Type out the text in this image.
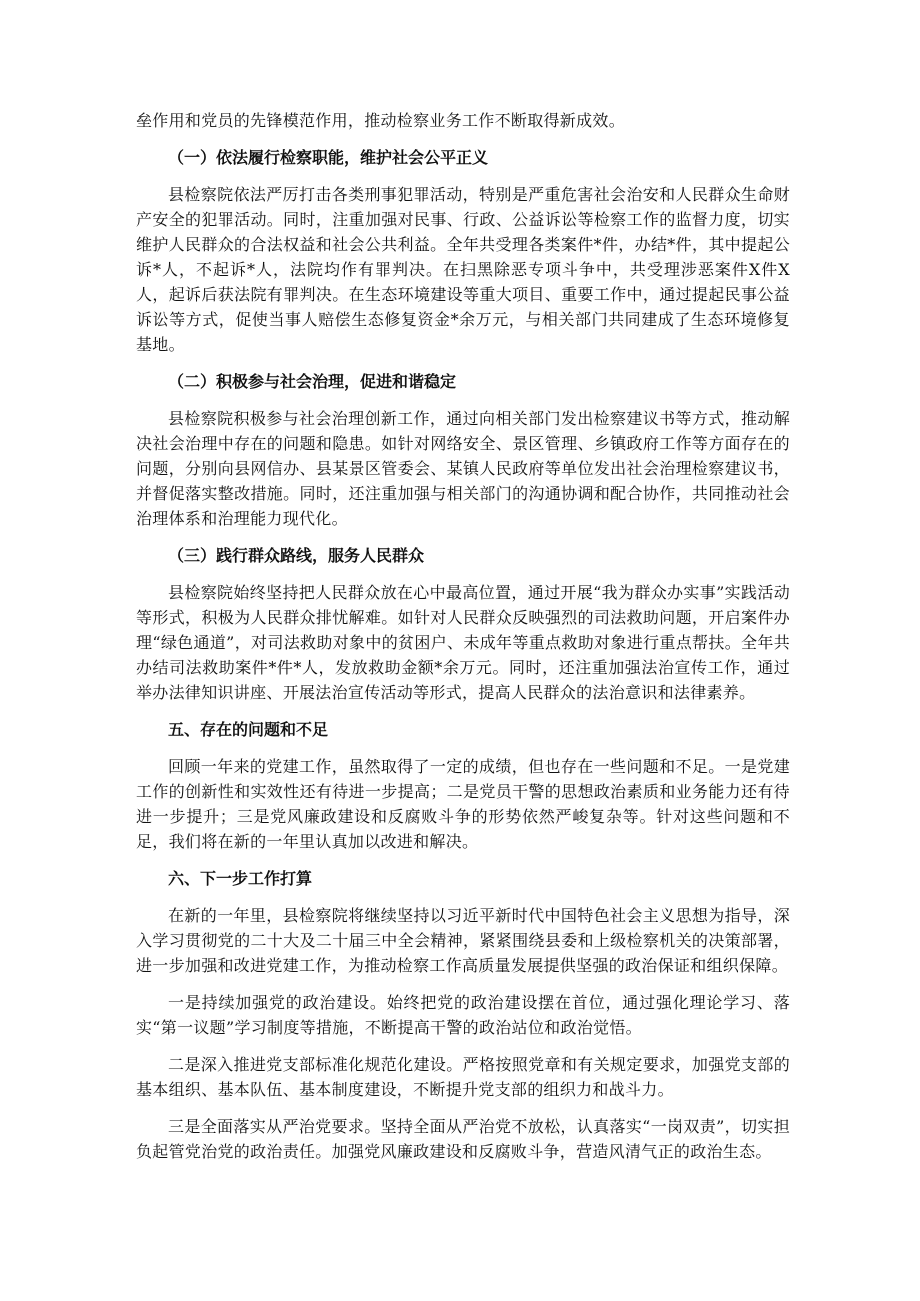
垒作用和党员的先锋模范作用，推动检察业务工作不断取得新成效。

（一）依法履行检察职能，维护社会公平正义

县检察院依法严厉打击各类刑事犯罪活动，特别是严重危害社会治安和人民群众生命财产安全的犯罪活动。同时，注重加强对民事、行政、公益诉讼等检察工作的监督力度，切实维护人民群众的合法权益和社会公共利益。全年共受理各类案件*件，办结*件，其中提起公诉*人，不起诉*人，法院均作有罪判决。在扫黑除恶专项斗争中，共受理涉恶案件X件X人，起诉后获法院有罪判决。在生态环境建设等重大项目、重要工作中，通过提起民事公益诉讼等方式，促使当事人赔偿生态修复资金*余万元，与相关部门共同建成了生态环境修复基地。

（二）积极参与社会治理，促进和谐稳定

县检察院积极参与社会治理创新工作，通过向相关部门发出检察建议书等方式，推动解决社会治理中存在的问题和隐患。如针对网络安全、景区管理、乡镇政府工作等方面存在的问题，分别向县网信办、县某景区管委会、某镇人民政府等单位发出社会治理检察建议书，并督促落实整改措施。同时，还注重加强与相关部门的沟通协调和配合协作，共同推动社会治理体系和治理能力现代化。

（三）践行群众路线，服务人民群众

县检察院始终坚持把人民群众放在心中最高位置，通过开展“我为群众办实事”实践活动等形式，积极为人民群众排忧解难。如针对人民群众反映强烈的司法救助问题，开启案件办理“绿色通道”，对司法救助对象中的贫困户、未成年等重点救助对象进行重点帮扶。全年共办结司法救助案件*件*人，发放救助金额*余万元。同时，还注重加强法治宣传工作，通过举办法律知识讲座、开展法治宣传活动等形式，提高人民群众的法治意识和法律素养。

五、存在的问题和不足

回顾一年来的党建工作，虽然取得了一定的成绩，但也存在一些问题和不足。一是党建工作的创新性和实效性还有待进一步提高；二是党员干警的思想政治素质和业务能力还有待进一步提升；三是党风廉政建设和反腐败斗争的形势依然严峻复杂等。针对这些问题和不足，我们将在新的一年里认真加以改进和解决。

六、下一步工作打算

在新的一年里，县检察院将继续坚持以习近平新时代中国特色社会主义思想为指导，深入学习贯彻党的二十大及二十届三中全会精神，紧紧围绕县委和上级检察机关的决策部署，进一步加强和改进党建工作，为推动检察工作高质量发展提供坚强的政治保证和组织保障。

一是持续加强党的政治建设。始终把党的政治建设摆在首位，通过强化理论学习、落实“第一议题”学习制度等措施，不断提高干警的政治站位和政治觉悟。

二是深入推进党支部标准化规范化建设。严格按照党章和有关规定要求，加强党支部的基本组织、基本队伍、基本制度建设，不断提升党支部的组织力和战斗力。

三是全面落实从严治党要求。坚持全面从严治党不放松，认真落实“一岗双责”，切实担负起管党治党的政治责任。加强党风廉政建设和反腐败斗争，营造风清气正的政治生态。
